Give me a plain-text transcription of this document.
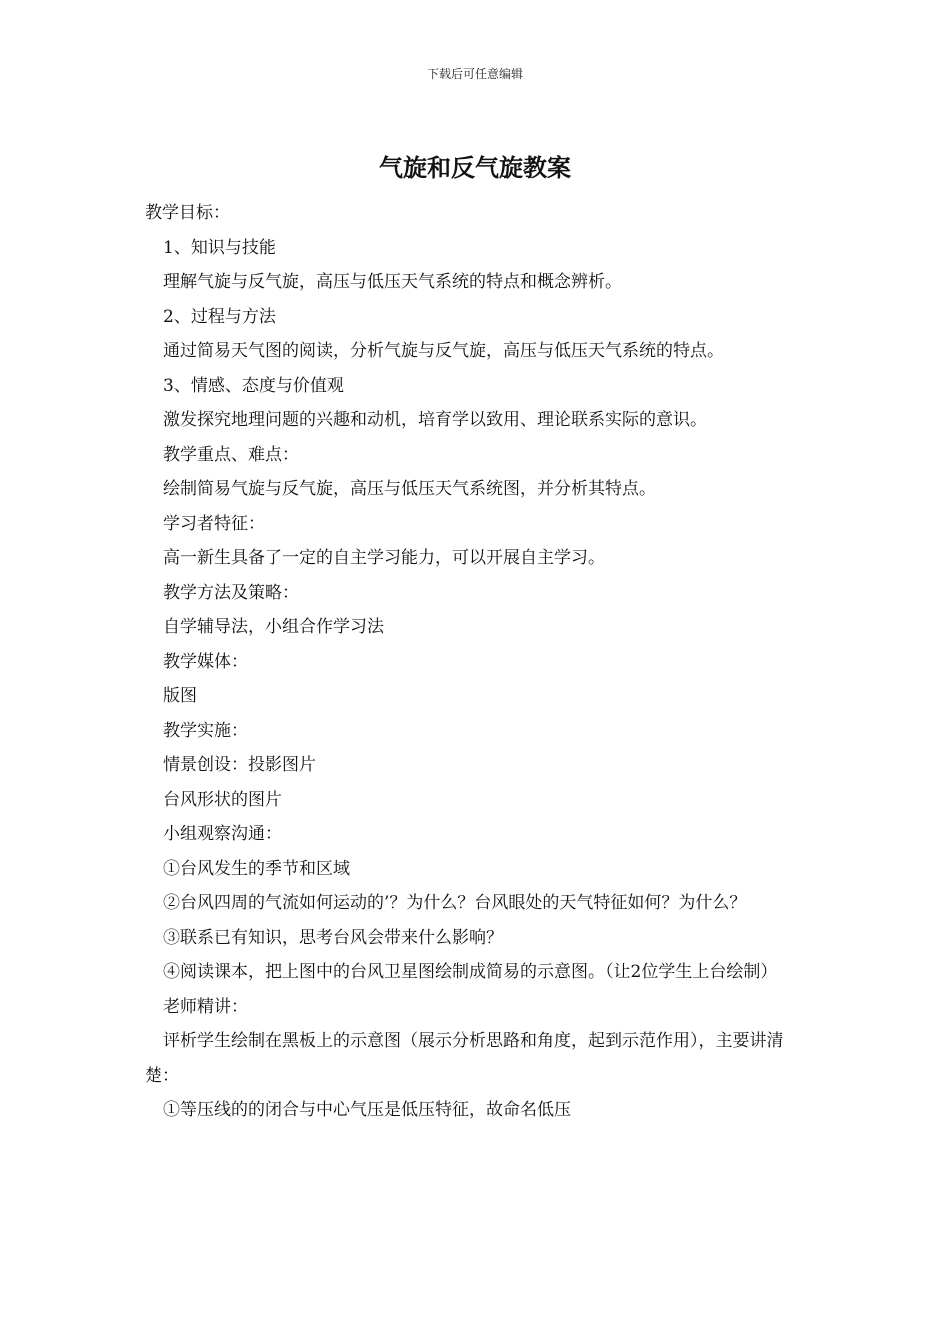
下载后可任意编辑
气旋和反气旋教案

教学目标：

1、知识与技能

理解气旋与反气旋，高压与低压天气系统的特点和概念辨析。

2、过程与方法

通过简易天气图的阅读，分析气旋与反气旋，高压与低压天气系统的特点。

3、情感、态度与价值观

激发探究地理问题的兴趣和动机，培育学以致用、理论联系实际的意识。

教学重点、难点：

绘制简易气旋与反气旋，高压与低压天气系统图，并分析其特点。

学习者特征：

高一新生具备了一定的自主学习能力，可以开展自主学习。

教学方法及策略：

自学辅导法，小组合作学习法

教学媒体：

版图

教学实施：

情景创设：投影图片

台风形状的图片

小组观察沟通：

①台风发生的季节和区域

②台风四周的气流如何运动的’？为什么？台风眼处的天气特征如何？为什么？

③联系已有知识，思考台风会带来什么影响？

④阅读课本，把上图中的台风卫星图绘制成简易的示意图。（让2位学生上台绘制）

老师精讲：

评析学生绘制在黑板上的示意图（展示分析思路和角度，起到示范作用），主要讲清楚：

①等压线的的闭合与中心气压是低压特征，故命名低压
